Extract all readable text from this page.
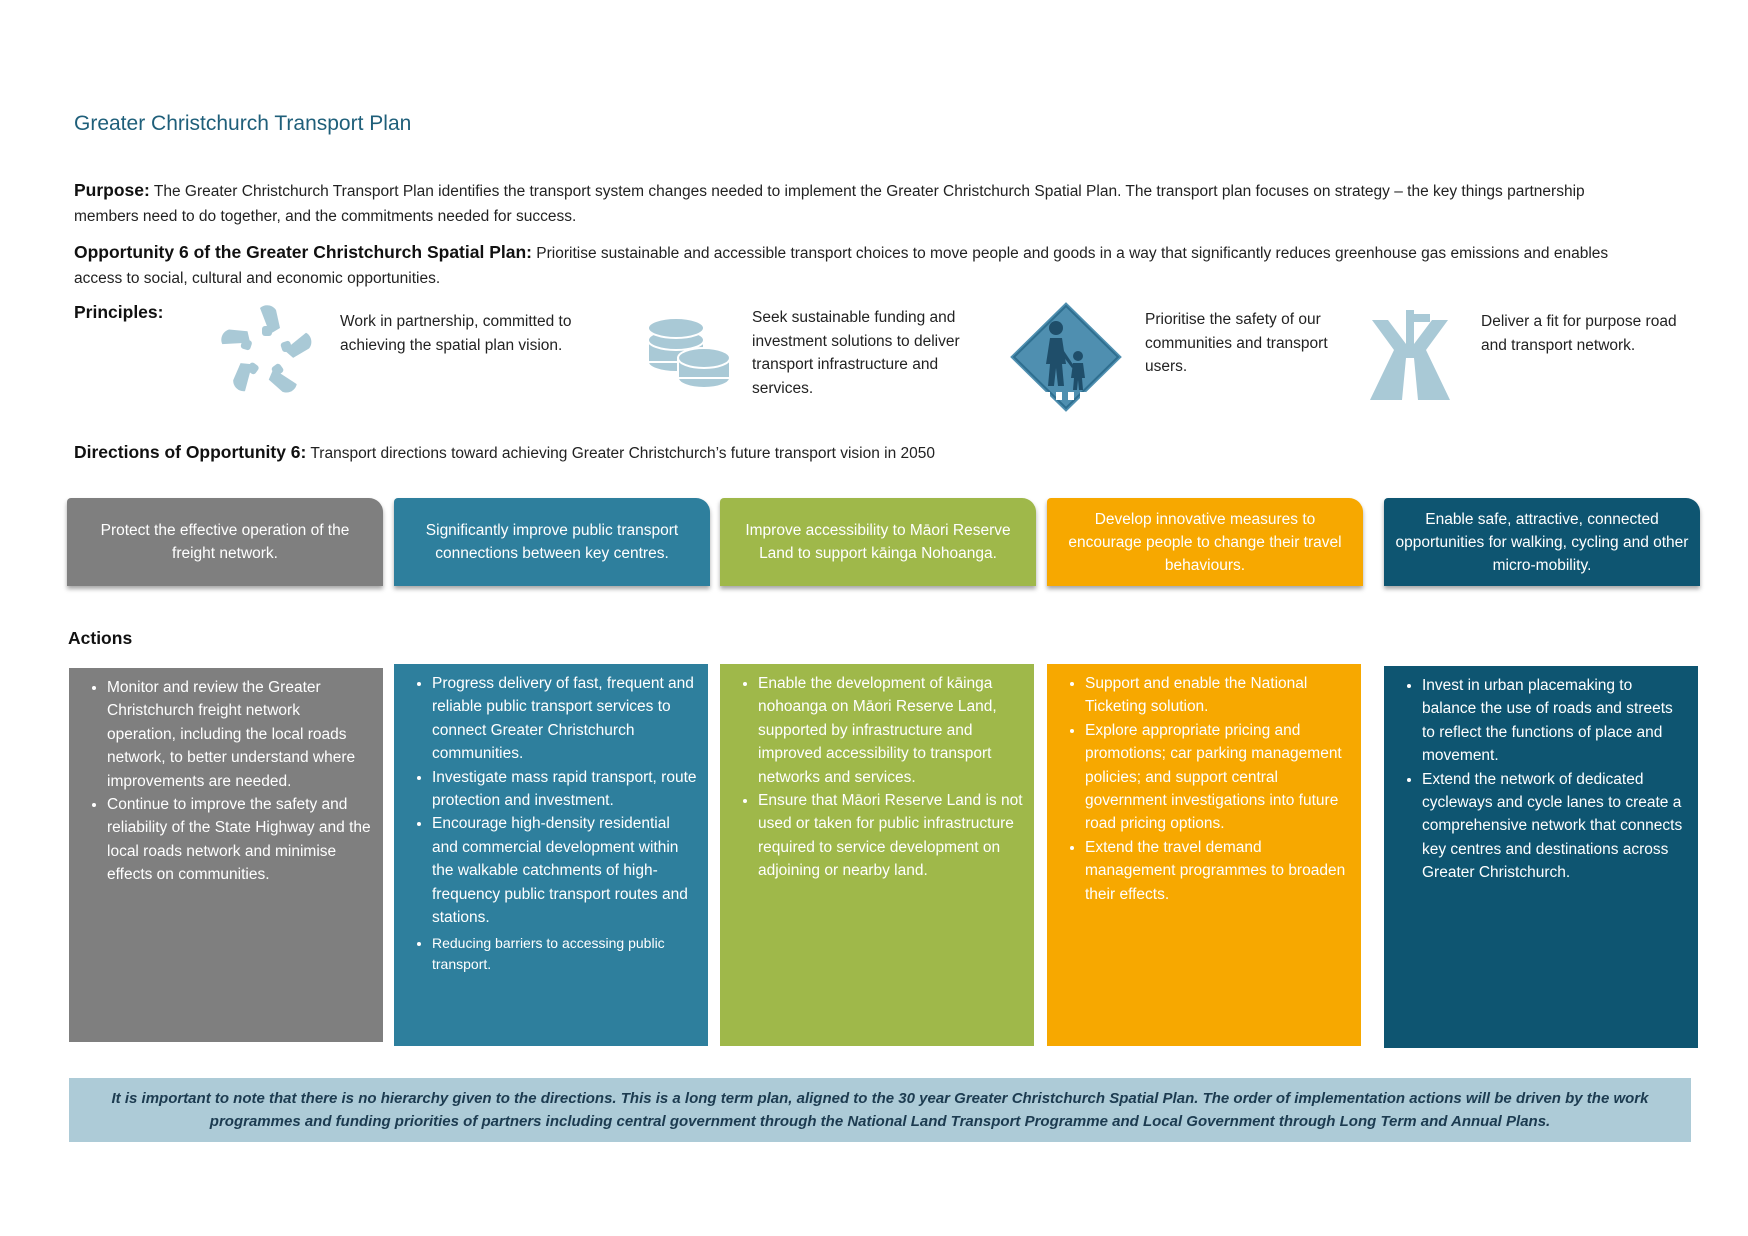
Greater Christchurch Transport Plan
Purpose: The Greater Christchurch Transport Plan identifies the transport system changes needed to implement the Greater Christchurch Spatial Plan. The transport plan focuses on strategy – the key things partnership members need to do together, and the commitments needed for success.
Opportunity 6 of the Greater Christchurch Spatial Plan: Prioritise sustainable and accessible transport choices to move people and goods in a way that significantly reduces greenhouse gas emissions and enables access to social, cultural and economic opportunities.
Principles:	Work in partnership, committed to achieving the spatial plan vision.
Seek sustainable funding and investment solutions to deliver transport infrastructure and services.
Prioritise the safety of our communities and transport users.
Deliver a fit for purpose road and transport network.
Directions of Opportunity 6: Transport directions toward achieving Greater Christchurch’s future transport vision in 2050
Protect the effective operation of the freight network.
Significantly improve public transport connections between key centres.
Improve accessibility to Māori Reserve Land to support kāinga Nohoanga.
Develop innovative measures to encourage people to change their travel behaviours.
Enable safe, attractive, connected opportunities for walking, cycling and other micro-mobility.
Actions
• Monitor and review the Greater Christchurch freight network operation, including the local roads network, to better understand where improvements are needed.
• Continue to improve the safety and reliability of the State Highway and the local roads network and minimise effects on communities.
• Progress delivery of fast, frequent and reliable public transport services to connect Greater Christchurch communities.
• Investigate mass rapid transport, route protection and investment.
• Encourage high-density residential and commercial development within the walkable catchments of high-frequency public transport routes and stations.
• Reducing barriers to accessing public transport.
• Enable the development of kāinga nohoanga on Māori Reserve Land, supported by infrastructure and improved accessibility to transport networks and services.
• Ensure that Māori Reserve Land is not used or taken for public infrastructure required to service development on adjoining or nearby land.
• Support and enable the National Ticketing solution.
• Explore appropriate pricing and promotions; car parking management policies; and support central government investigations into future road pricing options.
• Extend the travel demand management programmes to broaden their effects.
• Invest in urban placemaking to balance the use of roads and streets to reflect the functions of place and movement.
• Extend the network of dedicated cycleways and cycle lanes to create a comprehensive network that connects key centres and destinations across Greater Christchurch.
It is important to note that there is no hierarchy given to the directions. This is a long term plan, aligned to the 30 year Greater Christchurch Spatial Plan. The order of implementation actions will be driven by the work programmes and funding priorities of partners including central government through the National Land Transport Programme and Local Government through Long Term and Annual Plans.
